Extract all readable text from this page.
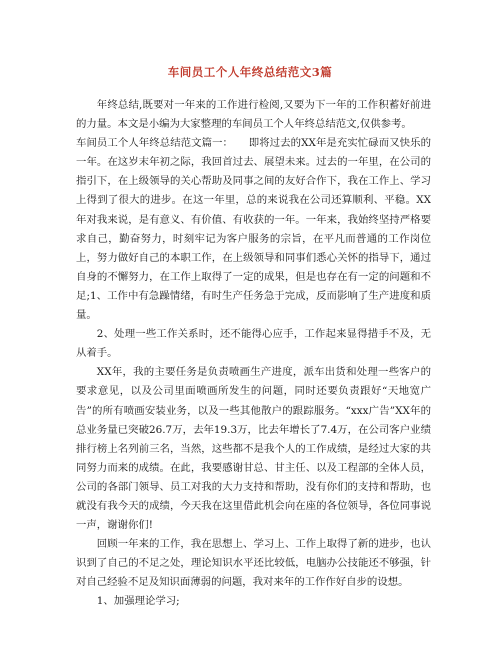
车间员工个人年终总结范文3篇

年终总结,既要对一年来的工作进行检阅,又要为下一年的工作积蓄好前进的力量。本文是小编为大家整理的车间员工个人年终总结范文,仅供参考。

车间员工个人年终总结范文篇一：　　即将过去的XX年是充实忙碌而又快乐的一年。在这岁末年初之际，我回首过去、展望未来。过去的一年里，在公司的指引下，在上级领导的关心帮助及同事之间的友好合作下，我在工作上、学习上得到了很大的进步。在这一年里，总的来说我在公司还算顺利、平稳。XX年对我来说，是有意义、有价值、有收获的一年。一年来，我始终坚持严格要求自己，勤奋努力，时刻牢记为客户服务的宗旨，在平凡而普通的工作岗位上，努力做好自己的本职工作，在上级领导和同事们悉心关怀的指导下，通过自身的不懈努力，在工作上取得了一定的成果，但是也存在有一定的问题和不足;1、工作中有急躁情绪，有时生产任务急于完成，反而影响了生产进度和质量。

2、处理一些工作关系时，还不能得心应手，工作起来显得措手不及，无从着手。

XX年，我的主要任务是负责喷画生产进度，派车出货和处理一些客户的要求意见，以及公司里面喷画所发生的问题，同时还要负责跟好“天地宽广告”的所有喷画安装业务，以及一些其他散户的跟踪服务。“xxx广告”XX年的总业务量已突破26.7万，去年19.3万，比去年增长了7.4万，在公司客户业绩排行榜上名列前三名，当然，这些都不是我个人的工作成绩，是经过大家的共同努力而来的成绩。在此，我要感谢甘总、甘主任、以及工程部的全体人员，公司的各部门领导、员工对我的大力支持和帮助，没有你们的支持和帮助，也就没有我今天的成绩，今天我在这里借此机会向在座的各位领导，各位同事说一声，谢谢你们!

回顾一年来的工作，我在思想上、学习上、工作上取得了新的进步，也认识到了自己的不足之处，理论知识水平还比较低，电脑办公技能还不够强，针对自己经验不足及知识面薄弱的问题，我对来年的工作作好自步的设想。

1、加强理论学习;
